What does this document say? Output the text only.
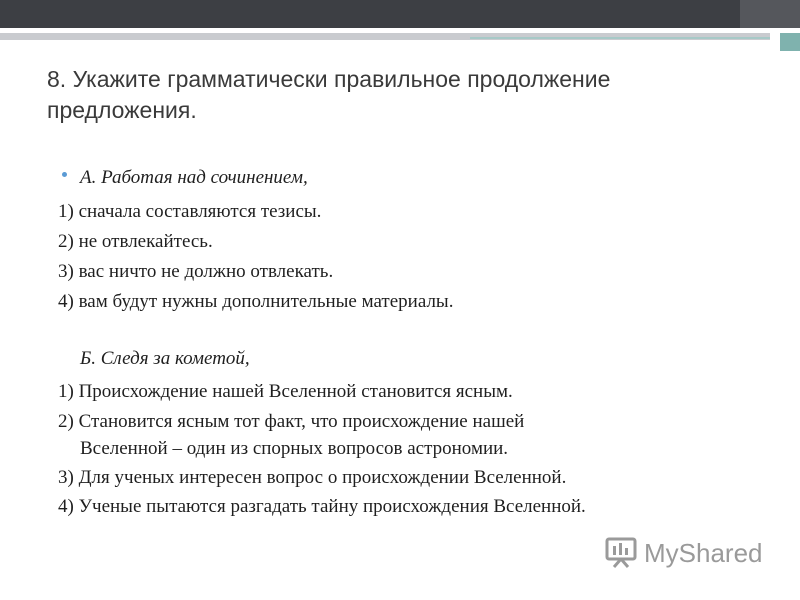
8. Укажите грамматически правильное продолжение
предложения.
А. Работая над сочинением,
1) сначала составляются тезисы.
2) не отвлекайтесь.
3) вас ничто не должно отвлекать.
4) вам будут нужны дополнительные материалы.
Б. Следя за кометой,
1) Происхождение нашей Вселенной становится ясным.
2) Становится ясным тот факт, что происхождение нашей
Вселенной – один из спорных вопросов астрономии.
3) Для ученых интересен вопрос о происхождении Вселенной.
4) Ученые пытаются разгадать тайну происхождения Вселенной.
MyShared
